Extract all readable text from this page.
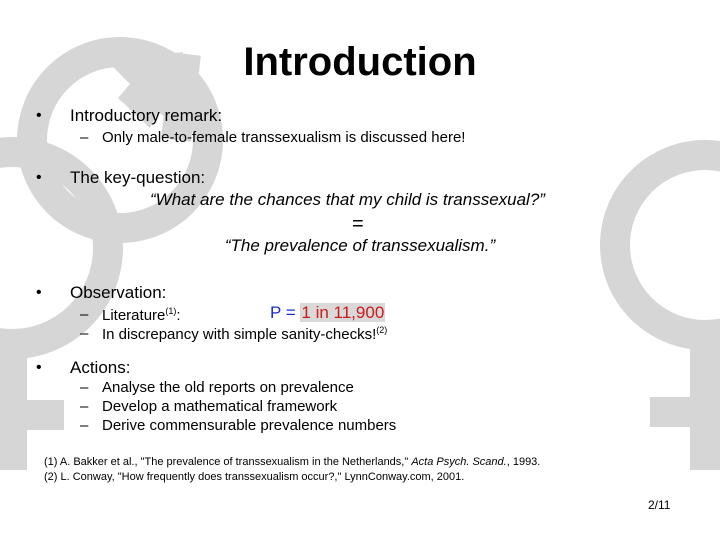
Introduction
• Introductory remark:
– Only male-to-female transsexualism is discussed here!
• The key-question:
“What are the chances that my child is transsexual?”
=
“The prevalence of transsexualism.”
• Observation:
– Literature$^{(1)}$:	P = 1 in 11,900
– In discrepancy with simple sanity-checks!$^{(2)}$
• Actions:
– Analyse the old reports on prevalence
– Develop a mathematical framework
– Derive commensurable prevalence numbers
(1) A. Bakker et al., "The prevalence of transsexualism in the Netherlands," Acta Psych. Scand., 1993.
(2) L. Conway, "How frequently does transsexualism occur?," LynnConway.com, 2001.
2/11
